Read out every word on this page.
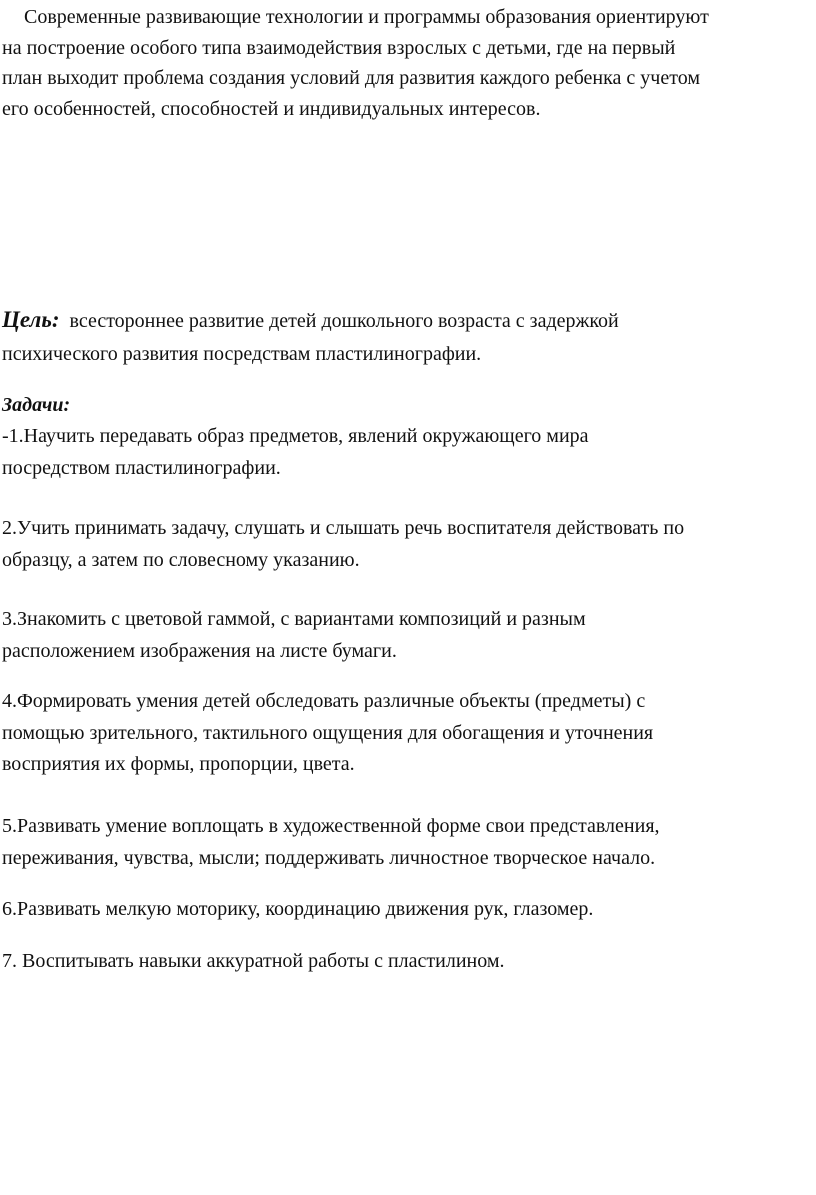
Современные развивающие технологии и программы образования ориентируют
на построение особого типа взаимодействия взрослых с детьми, где на первый
план выходит проблема создания условий для развития каждого ребенка с учетом
его особенностей, способностей и индивидуальных интересов.

Цель: всестороннее развитие детей дошкольного возраста с задержкой
психического развития посредствам пластилинографии.

Задачи:

-1.Научить передавать образ предметов, явлений окружающего мира
посредством пластилинографии.

2.Учить принимать задачу, слушать и слышать речь воспитателя действовать по
образцу, а затем по словесному указанию.

3.Знакомить с цветовой гаммой, с вариантами композиций и разным
расположением изображения на листе бумаги.

4.Формировать умения детей обследовать различные объекты (предметы) с
помощью зрительного, тактильного ощущения для обогащения и уточнения
восприятия их формы, пропорции, цвета.

5.Развивать умение воплощать в художественной форме свои представления,
переживания, чувства, мысли; поддерживать личностное творческое начало.

6.Развивать мелкую моторику, координацию движения рук, глазомер.

7. Воспитывать навыки аккуратной работы с пластилином.
